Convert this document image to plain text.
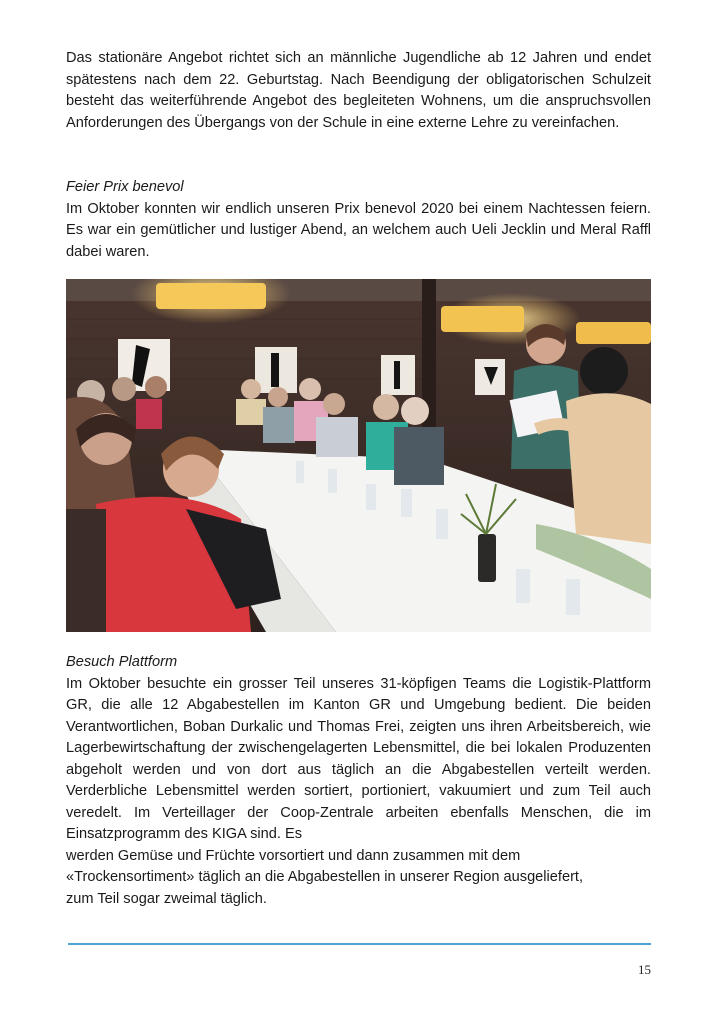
Das stationäre Angebot richtet sich an männliche Jugendliche ab 12 Jahren und endet spätestens nach dem 22. Geburtstag. Nach Beendigung der obligatorischen Schulzeit besteht das weiterführende Angebot des begleiteten Wohnens, um die anspruchsvollen Anforderungen des Übergangs von der Schule in eine externe Lehre zu vereinfachen.

Feier Prix benevol

Im Oktober konnten wir endlich unseren Prix benevol 2020 bei einem Nachtessen feiern. Es war ein gemütlicher und lustiger Abend, an welchem auch Ueli Jecklin und Meral Raffl dabei waren.

Besuch Plattform

Im Oktober besuchte ein grosser Teil unseres 31-köpfigen Teams die Logistik-Plattform GR, die alle 12 Abgabestellen im Kanton GR und Umgebung bedient. Die beiden Verantwortlichen, Boban Durkalic und Thomas Frei, zeigten uns ihren Arbeitsbereich, wie Lagerbewirtschaftung der zwischengelagerten Lebensmittel, die bei lokalen Produzenten abgeholt werden und von dort aus täglich an die Abgabestellen verteilt werden. Verderbliche Lebensmittel werden sortiert, portioniert, vakuumiert und zum Teil auch veredelt. Im Verteillager der Coop-Zentrale arbeiten ebenfalls Menschen, die im Einsatzprogramm des KIGA sind. Es

werden Gemüse und Früchte vorsortiert und dann zusammen mit dem

«Trockensortiment» täglich an die Abgabestellen in unserer Region ausgeliefert,

zum Teil sogar zweimal täglich.

15
